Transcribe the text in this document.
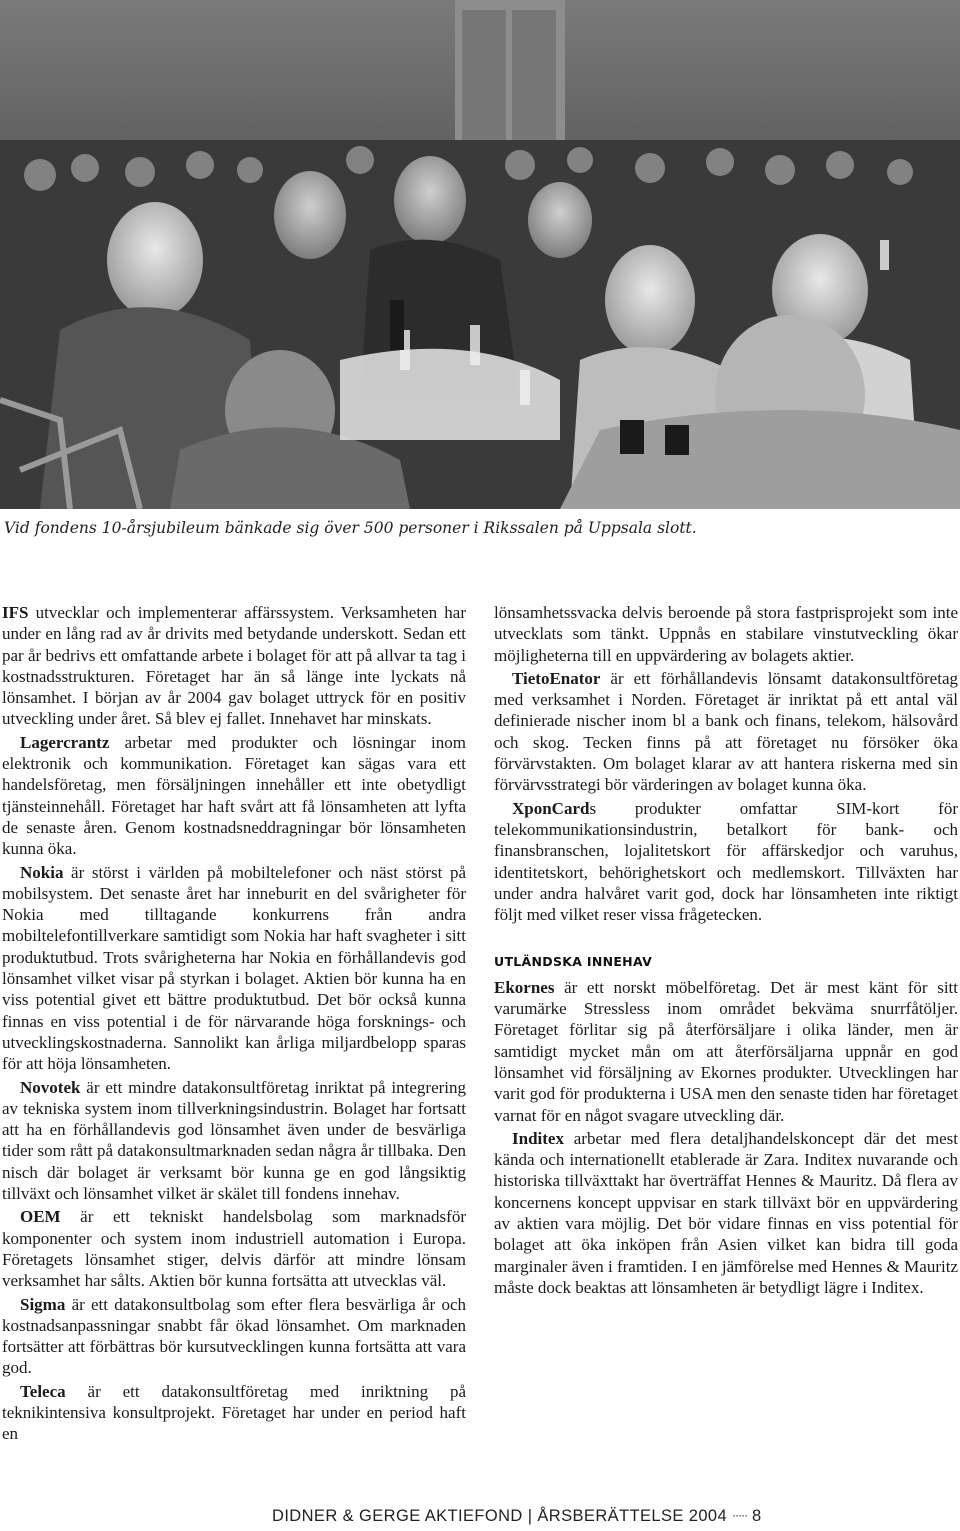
Vid fondens 10-årsjubileum bänkade sig över 500 personer i Rikssalen på Uppsala slott.

IFS utvecklar och implementerar affärssystem. Verksamheten har under en lång rad av år drivits med betydande underskott. Sedan ett par år bedrivs ett omfattande arbete i bolaget för att på allvar ta tag i kostnadsstrukturen. Företaget har än så länge inte lyckats nå lönsamhet. I början av år 2004 gav bolaget uttryck för en positiv utveckling under året. Så blev ej fallet. Innehavet har minskats.

Lagercrantz arbetar med produkter och lösningar inom elektronik och kommunikation. Företaget kan sägas vara ett handelsföretag, men försäljningen innehåller ett inte obetydligt tjänsteinnehåll. Företaget har haft svårt att få lönsamheten att lyfta de senaste åren. Genom kostnadsneddragningar bör lönsamheten kunna öka.

Nokia är störst i världen på mobiltelefoner och näst störst på mobilsystem. Det senaste året har inneburit en del svårigheter för Nokia med tilltagande konkurrens från andra mobiltelefontillverkare samtidigt som Nokia har haft svagheter i sitt produktutbud. Trots svårigheterna har Nokia en förhållandevis god lönsamhet vilket visar på styrkan i bolaget. Aktien bör kunna ha en viss potential givet ett bättre produktutbud. Det bör också kunna finnas en viss potential i de för närvarande höga forsknings- och utvecklingskostnaderna. Sannolikt kan årliga miljardbelopp sparas för att höja lönsamheten.

Novotek är ett mindre datakonsultföretag inriktat på integrering av tekniska system inom tillverkningsindustrin. Bolaget har fortsatt att ha en förhållandevis god lönsamhet även under de besvärliga tider som rått på datakonsultmarknaden sedan några år tillbaka. Den nisch där bolaget är verksamt bör kunna ge en god långsiktig tillväxt och lönsamhet vilket är skälet till fondens innehav.

OEM är ett tekniskt handelsbolag som marknadsför komponenter och system inom industriell automation i Europa. Företagets lönsamhet stiger, delvis därför att mindre lönsam verksamhet har sålts. Aktien bör kunna fortsätta att utvecklas väl.

Sigma är ett datakonsultbolag som efter flera besvärliga år och kostnadsanpassningar snabbt får ökad lönsamhet. Om marknaden fortsätter att förbättras bör kursutvecklingen kunna fortsätta att vara god.

Teleca är ett datakonsultföretag med inriktning på teknikintensiva konsultprojekt. Företaget har under en period haft en

lönsamhetssvacka delvis beroende på stora fastprisprojekt som inte utvecklats som tänkt. Uppnås en stabilare vinstutveckling ökar möjligheterna till en uppvärdering av bolagets aktier.

TietoEnator är ett förhållandevis lönsamt datakonsultföretag med verksamhet i Norden. Företaget är inriktat på ett antal väl definierade nischer inom bl a bank och finans, telekom, hälsovård och skog. Tecken finns på att företaget nu försöker öka förvärvstakten. Om bolaget klarar av att hantera riskerna med sin förvärvsstrategi bör värderingen av bolaget kunna öka.

XponCards produkter omfattar SIM-kort för telekommunikationsindustrin, betalkort för bank- och finansbranschen, lojalitetskort för affärskedjor och varuhus, identitetskort, behörighetskort och medlemskort. Tillväxten har under andra halvåret varit god, dock har lönsamheten inte riktigt följt med vilket reser vissa frågetecken.

UTLÄNDSKA INNEHAV

Ekornes är ett norskt möbelföretag. Det är mest känt för sitt varumärke Stressless inom området bekväma snurrfåtöljer. Företaget förlitar sig på återförsäljare i olika länder, men är samtidigt mycket mån om att återförsäljarna uppnår en god lönsamhet vid försäljning av Ekornes produkter. Utvecklingen har varit god för produkterna i USA men den senaste tiden har företaget varnat för en något svagare utveckling där.

Inditex arbetar med flera detaljhandelskoncept där det mest kända och internationellt etablerade är Zara. Inditex nuvarande och historiska tillväxttakt har överträffat Hennes & Mauritz. Då flera av koncernens koncept uppvisar en stark tillväxt bör en uppvärdering av aktien vara möjlig. Det bör vidare finnas en viss potential för bolaget att öka inköpen från Asien vilket kan bidra till goda marginaler även i framtiden. I en jämförelse med Hennes & Mauritz måste dock beaktas att lönsamheten är betydligt lägre i Inditex.

DIDNER & GERGE AKTIEFOND | ÅRSBERÄTTELSE 2004 ····· 8
